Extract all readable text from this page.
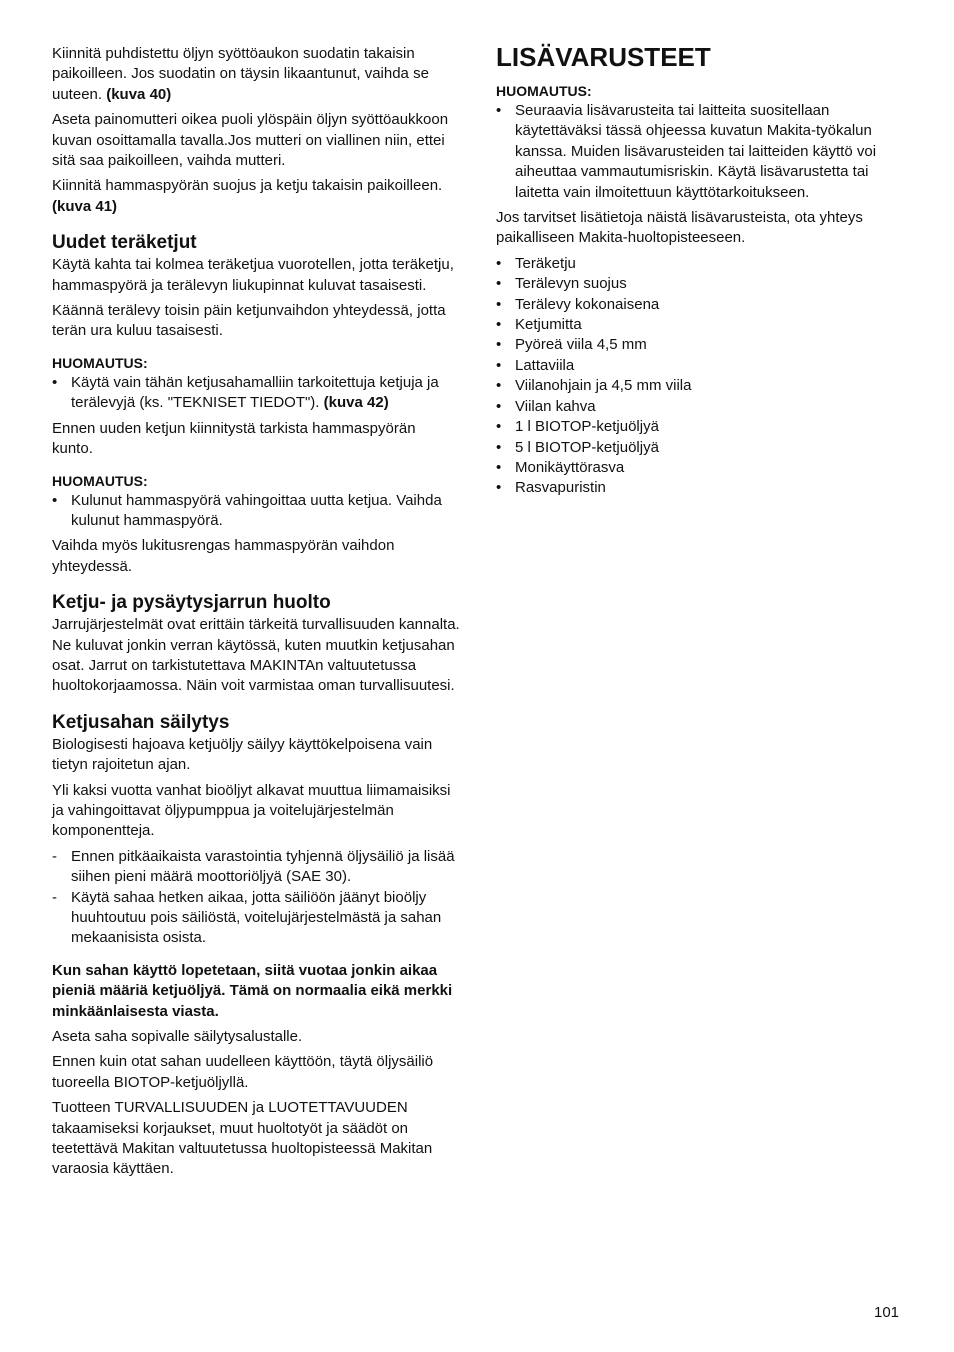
Kiinnitä puhdistettu öljyn syöttöaukon suodatin takaisin paikoilleen. Jos suodatin on täysin likaantunut, vaihda se uuteen. (kuva 40)

Aseta painomutteri oikea puoli ylöspäin öljyn syöttöaukkoon kuvan osoittamalla tavalla.Jos mutteri on viallinen niin, ettei sitä saa paikoilleen, vaihda mutteri.

Kiinnitä hammaspyörän suojus ja ketju takaisin paikoilleen. (kuva 41)

Uudet teräketjut

Käytä kahta tai kolmea teräketjua vuorotellen, jotta teräketju, hammaspyörä ja terälevyn liukupinnat kuluvat tasaisesti.

Käännä terälevy toisin päin ketjunvaihdon yhteydessä, jotta terän ura kuluu tasaisesti.

HUOMAUTUS:
• Käytä vain tähän ketjusahamalliin tarkoitettuja ketjuja ja terälevyjä (ks. "TEKNISET TIEDOT"). (kuva 42)

Ennen uuden ketjun kiinnitystä tarkista hammaspyörän kunto.

HUOMAUTUS:
• Kulunut hammaspyörä vahingoittaa uutta ketjua. Vaihda kulunut hammaspyörä.

Vaihda myös lukitusrengas hammaspyörän vaihdon yhteydessä.

Ketju- ja pysäytysjarrun huolto

Jarrujärjestelmät ovat erittäin tärkeitä turvallisuuden kannalta. Ne kuluvat jonkin verran käytössä, kuten muutkin ketjusahan osat. Jarrut on tarkistutettava MAKINTAn valtuutetussa huoltokorjaamossa. Näin voit varmistaa oman turvallisuutesi.

Ketjusahan säilytys

Biologisesti hajoava ketjuöljy säilyy käyttökelpoisena vain tietyn rajoitetun ajan.

Yli kaksi vuotta vanhat bioöljyt alkavat muuttua liimamaisiksi ja vahingoittavat öljypumppua ja voitelujärjestelmän komponentteja.

- Ennen pitkäaikaista varastointia tyhjennä öljysäiliö ja lisää siihen pieni määrä moottoriöljyä (SAE 30).
- Käytä sahaa hetken aikaa, jotta säiliöön jäänyt bioöljy huuhtoutuu pois säiliöstä, voitelujärjestelmästä ja sahan mekaanisista osista.

Kun sahan käyttö lopetetaan, siitä vuotaa jonkin aikaa pieniä määriä ketjuöljyä. Tämä on normaalia eikä merkki minkäänlaisesta viasta.

Aseta saha sopivalle säilytysalustalle.

Ennen kuin otat sahan uudelleen käyttöön, täytä öljysäiliö tuoreella BIOTOP-ketjuöljyllä.

Tuotteen TURVALLISUUDEN ja LUOTETTAVUUDEN takaamiseksi korjaukset, muut huoltotyöt ja säädöt on teetettävä Makitan valtuutetussa huoltopisteessä Makitan varaosia käyttäen.

LISÄVARUSTEET
HUOMAUTUS:
• Seuraavia lisävarusteita tai laitteita suositellaan käytettäväksi tässä ohjeessa kuvatun Makita-työkalun kanssa. Muiden lisävarusteiden tai laitteiden käyttö voi aiheuttaa vammautumisriskin. Käytä lisävarustetta tai laitetta vain ilmoitettuun käyttötarkoitukseen.

Jos tarvitset lisätietoja näistä lisävarusteista, ota yhteys paikalliseen Makita-huoltopisteeseen.

• Teräketju
• Terälevyn suojus
• Terälevy kokonaisena
• Ketjumitta
• Pyöreä viila 4,5 mm
• Lattaviila
• Viilanohjain ja 4,5 mm viila
• Viilan kahva
• 1 l BIOTOP-ketjuöljyä
• 5 l BIOTOP-ketjuöljyä
• Monikäyttörasva
• Rasvapuristin
101
